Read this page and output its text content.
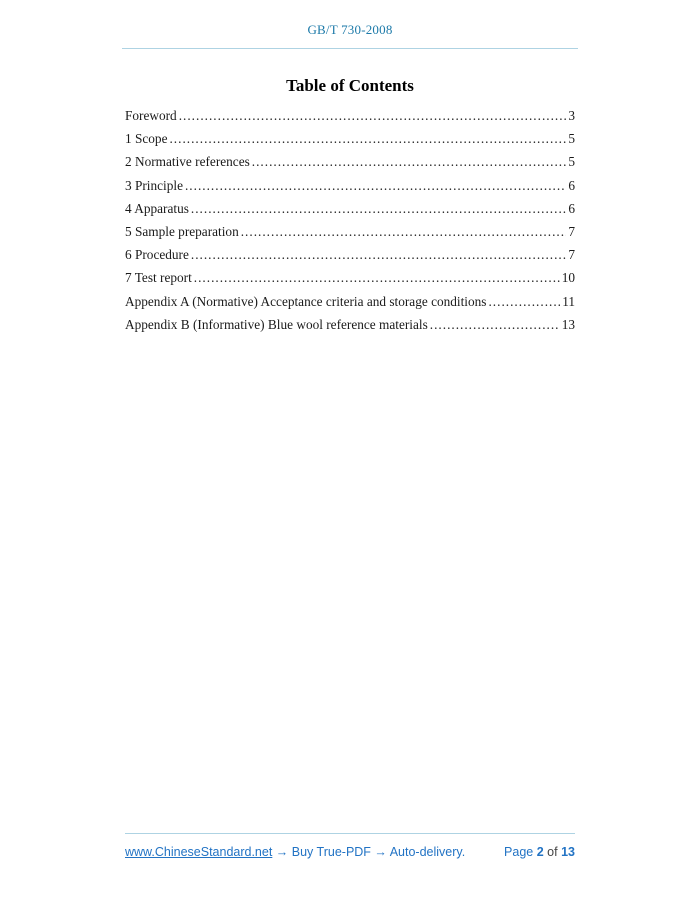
GB/T 730-2008
Table of Contents
Foreword .....	3
1 Scope .....	5
2 Normative references .....	5
3 Principle .....	6
4 Apparatus .....	6
5 Sample preparation .....	7
6 Procedure .....	7
7 Test report .....	10
Appendix A (Normative) Acceptance criteria and storage conditions .....	11
Appendix B (Informative) Blue wool reference materials .....	13
www.ChineseStandard.net → Buy True-PDF → Auto-delivery.	Page 2 of 13
